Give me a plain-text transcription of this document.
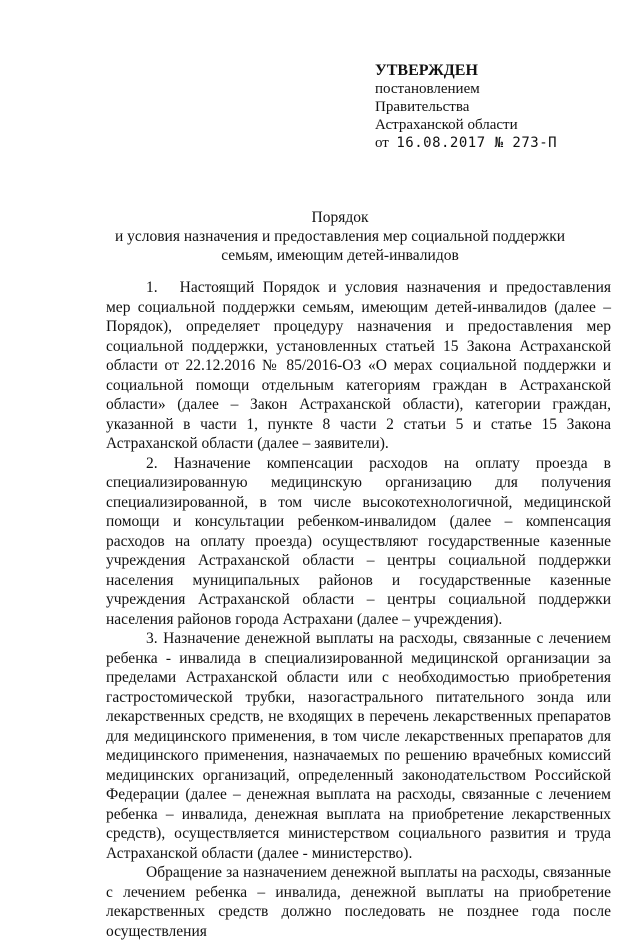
УТВЕРЖДЕН
постановлением
Правительства
Астраханской области
от 16.08.2017 № 273-П
Порядок
и условия назначения и предоставления мер социальной поддержки
семьям, имеющим детей-инвалидов

1. Настоящий Порядок и условия назначения и предоставления мер социальной поддержки семьям, имеющим детей-инвалидов (далее – Порядок), определяет процедуру назначения и предоставления мер социальной поддержки, установленных статьей 15 Закона Астраханской области от 22.12.2016 № 85/2016-ОЗ «О мерах социальной поддержки и социальной помощи отдельным категориям граждан в Астраханской области» (далее – Закон Астраханской области), категории граждан, указанной в части 1, пункте 8 части 2 статьи 5 и статье 15 Закона Астраханской области (далее – заявители).

2. Назначение компенсации расходов на оплату проезда в специализированную медицинскую организацию для получения специализированной, в том числе высокотехнологичной, медицинской помощи и консультации ребенком-инвалидом (далее – компенсация расходов на оплату проезда) осуществляют государственные казенные учреждения Астраханской области – центры социальной поддержки населения муниципальных районов и государственные казенные учреждения Астраханской области – центры социальной поддержки населения районов города Астрахани (далее – учреждения).

3. Назначение денежной выплаты на расходы, связанные с лечением ребенка - инвалида в специализированной медицинской организации за пределами Астраханской области или с необходимостью приобретения гастростомической трубки, назогастрального питательного зонда или лекарственных средств, не входящих в перечень лекарственных препаратов для медицинского применения, в том числе лекарственных препаратов для медицинского применения, назначаемых по решению врачебных комиссий медицинских организаций, определенный законодательством Российской Федерации (далее – денежная выплата на расходы, связанные с лечением ребенка – инвалида, денежная выплата на приобретение лекарственных средств), осуществляется министерством социального развития и труда Астраханской области (далее - министерство).

Обращение за назначением денежной выплаты на расходы, связанные с лечением ребенка – инвалида, денежной выплаты на приобретение лекарственных средств должно последовать не позднее года после осуществления
